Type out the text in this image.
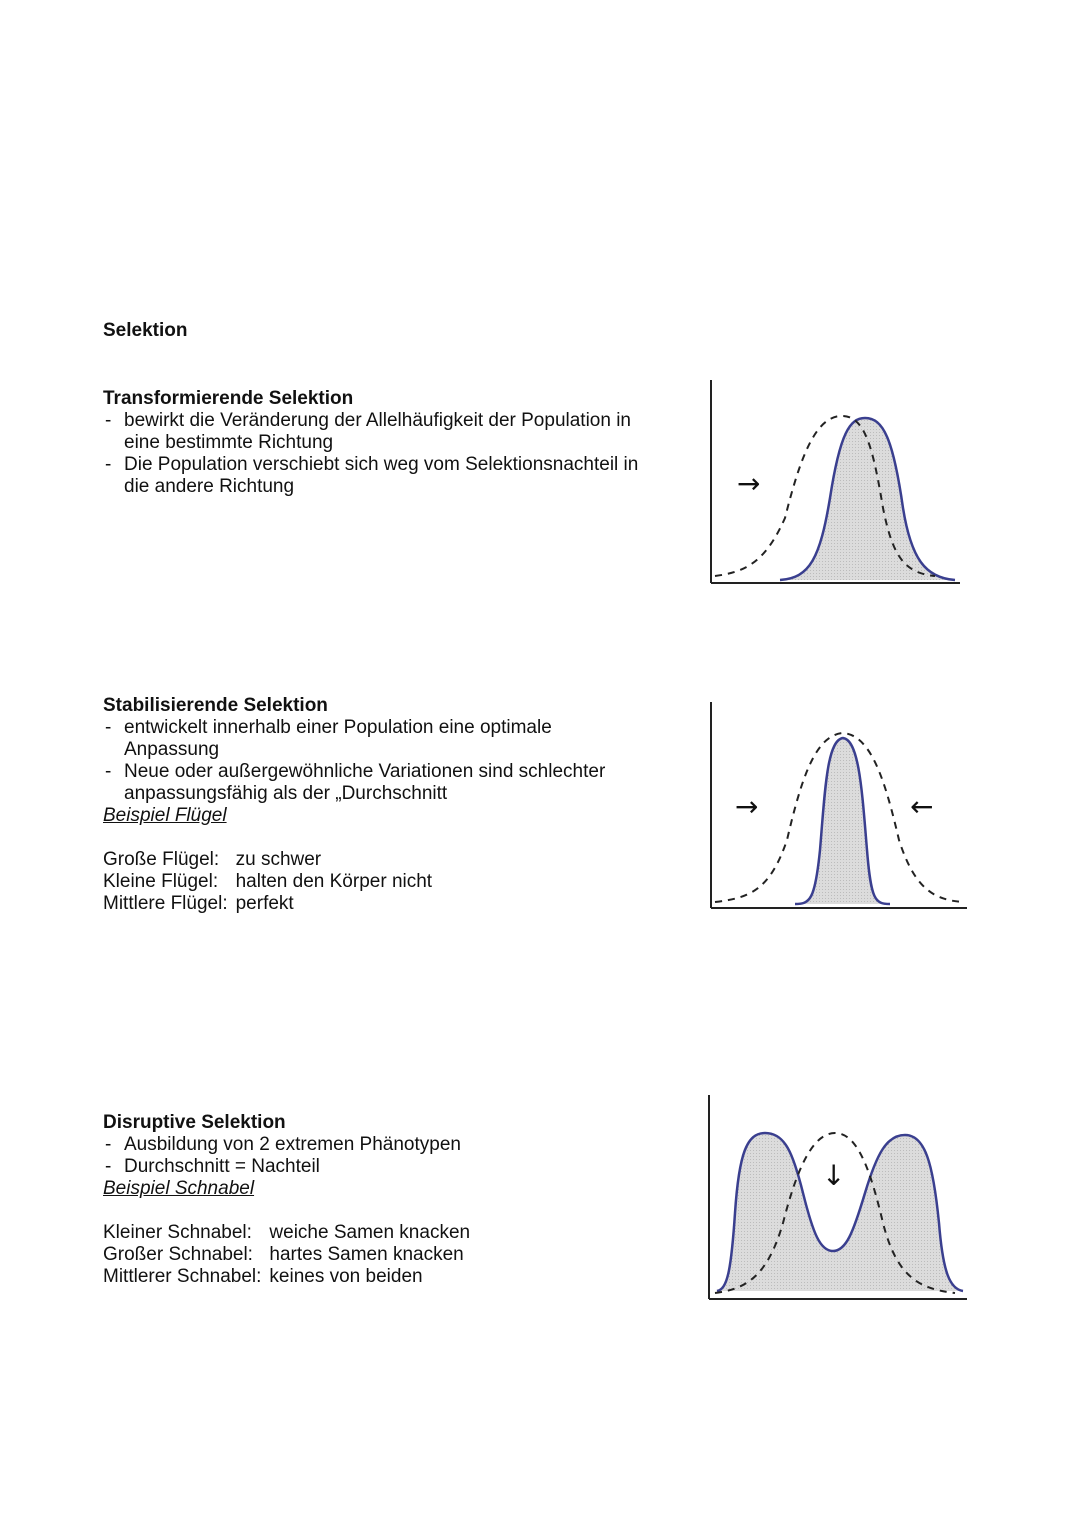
Selektion
Transformierende Selektion
- bewirkt die Veränderung der Allelhäufigkeit der Population in
eine bestimmte Richtung
- Die Population verschiebt sich weg vom Selektionsnachteil in
die andere Richtung	→
Stabilisierende Selektion
- entwickelt innerhalb einer Population eine optimale
Anpassung
- Neue oder außergewöhnliche Variationen sind schlechter
anpassungsfähig als der „Durchschnitt
Beispiel Flügel
Große Flügel:	zu schwer
Kleine Flügel:	halten den Körper nicht
Mittlere Flügel:	perfekt
→	←
Disruptive Selektion
- Ausbildung von 2 extremen Phänotypen
- Durchschnitt = Nachteil
Beispiel Schnabel
Kleiner Schnabel:	weiche Samen knacken
Großer Schnabel:	hartes Samen knacken
Mittlerer Schnabel:	keines von beiden
↓
